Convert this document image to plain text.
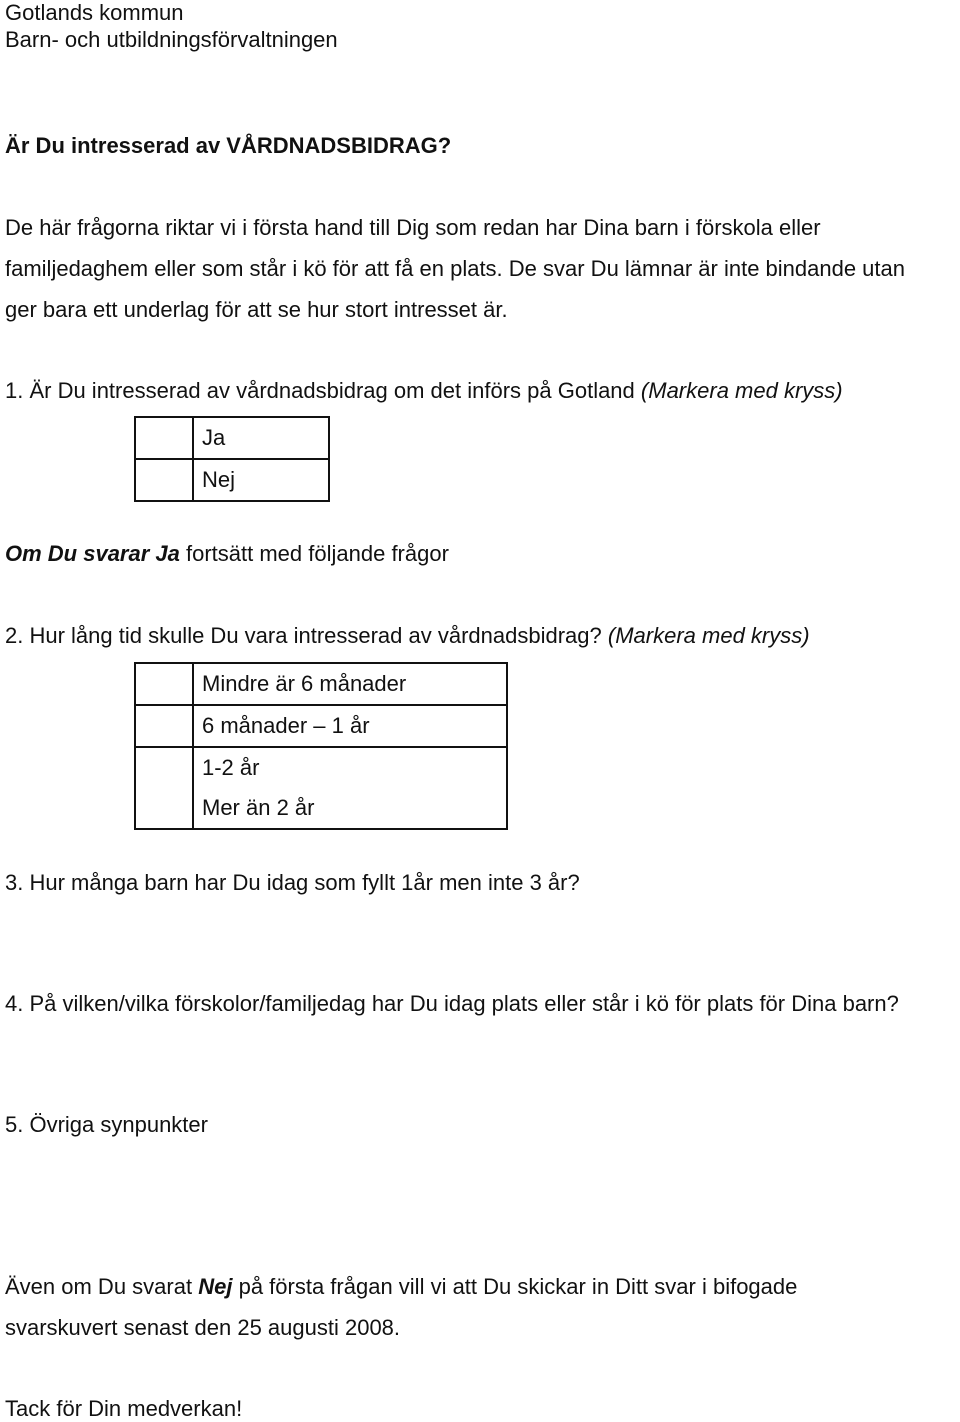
Gotlands kommun
Barn- och utbildningsförvaltningen
Är Du intresserad av VÅRDNADSBIDRAG?
De här frågorna riktar vi i första hand till Dig som redan har Dina barn i förskola eller
familjedaghem eller som står i kö för att få en plats. De svar Du lämnar är inte bindande utan
ger bara ett underlag för att se hur stort intresset är.
1. Är Du intresserad av vårdnadsbidrag om det införs på Gotland (Markera med kryss)
	Ja
	Nej
Om Du svarar Ja fortsätt med följande frågor
2. Hur lång tid skulle Du vara intresserad av vårdnadsbidrag? (Markera med kryss)
	Mindre är 6 månader
	6 månader – 1 år
	1-2 år
	Mer än 2 år
3. Hur många barn har Du idag som fyllt 1år men inte 3 år?
4. På vilken/vilka förskolor/familjedag har Du idag plats eller står i kö för plats för Dina barn?
5. Övriga synpunkter
Även om Du svarat Nej på första frågan vill vi att Du skickar in Ditt svar i bifogade
svarskuvert senast den 25 augusti 2008.
Tack för Din medverkan!
